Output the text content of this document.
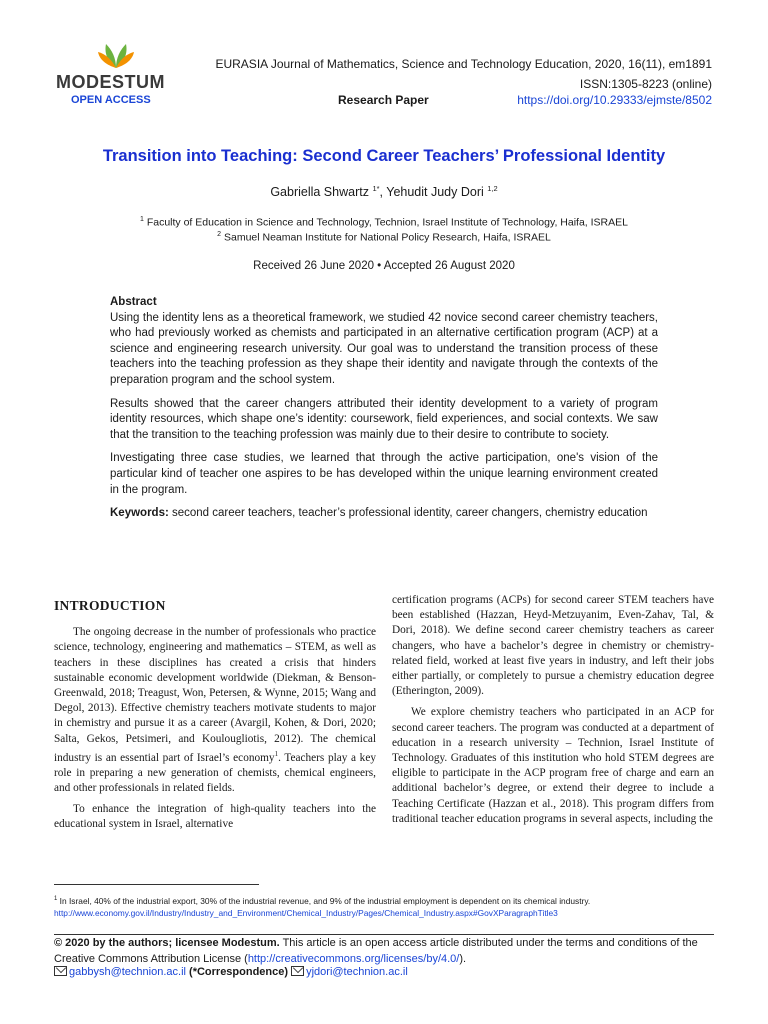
MODESTUM
OPEN ACCESS
EURASIA Journal of Mathematics, Science and Technology Education, 2020, 16(11), em1891
ISSN:1305-8223 (online)
Research Paper	https://doi.org/10.29333/ejmste/8502
Transition into Teaching: Second Career Teachers’ Professional Identity
Gabriella Shwartz $^{1*}$, Yehudit Judy Dori $^{1,2}$
$^1$ Faculty of Education in Science and Technology, Technion, Israel Institute of Technology, Haifa, ISRAEL
$^2$ Samuel Neaman Institute for National Policy Research, Haifa, ISRAEL
Received 26 June 2020 • Accepted 26 August 2020
Abstract

Using the identity lens as a theoretical framework, we studied 42 novice second career chemistry teachers, who had previously worked as chemists and participated in an alternative certification program (ACP) at a science and engineering research university. Our goal was to understand the transition process of these teachers into the teaching profession as they shape their identity and navigate through the contexts of the preparation program and the school system.

Results showed that the career changers attributed their identity development to a variety of program identity resources, which shape one’s identity: coursework, field experiences, and social contexts. We saw that the transition to the teaching profession was mainly due to their desire to contribute to society.

Investigating three case studies, we learned that through the active participation, one's vision of the particular kind of teacher one aspires to be has developed within the unique learning environment created in the program.

Keywords: second career teachers, teacher’s professional identity, career changers, chemistry education

INTRODUCTION

The ongoing decrease in the number of professionals who practice science, technology, engineering and mathematics – STEM, as well as teachers in these disciplines has created a crisis that hinders sustainable economic development worldwide (Diekman, & Benson-Greenwald, 2018; Treagust, Won, Petersen, & Wynne, 2015; Wang and Degol, 2013). Effective chemistry teachers motivate students to major in chemistry and pursue it as a career (Avargil, Kohen, & Dori, 2020; Salta, Gekos, Petsimeri, and Koulougliotis, 2012). The chemical industry is an essential part of Israel’s economy$^1$. Teachers play a key role in preparing a new generation of chemists, chemical engineers, and other professionals in related fields.

To enhance the integration of high-quality teachers into the educational system in Israel, alternative

certification programs (ACPs) for second career STEM teachers have been established (Hazzan, Heyd-Metzuyanim, Even-Zahav, Tal, & Dori, 2018). We define second career chemistry teachers as career changers, who have a bachelor’s degree in chemistry or chemistry-related field, worked at least five years in industry, and left their jobs either partially, or completely to pursue a chemistry education degree (Etherington, 2009).

We explore chemistry teachers who participated in an ACP for second career teachers. The program was conducted at a department of education in a research university – Technion, Israel Institute of Technology. Graduates of this institution who hold STEM degrees are eligible to participate in the ACP program free of charge and earn an additional bachelor’s degree, or extend their degree to include a Teaching Certificate (Hazzan et al., 2018). This program differs from traditional teacher education programs in several aspects, including the

$^1$ In Israel, 40% of the industrial export, 30% of the industrial revenue, and 9% of the industrial employment is dependent on its chemical industry.
http://www.economy.gov.il/Industry/Industry_and_Environment/Chemical_Industry/Pages/Chemical_Industry.aspx#GovXParagraphTitle3
© 2020 by the authors; licensee Modestum. This article is an open access article distributed under the terms and conditions of the Creative Commons Attribution License (http://creativecommons.org/licenses/by/4.0/).
gabbysh@technion.ac.il (*Correspondence) yjdori@technion.ac.il
